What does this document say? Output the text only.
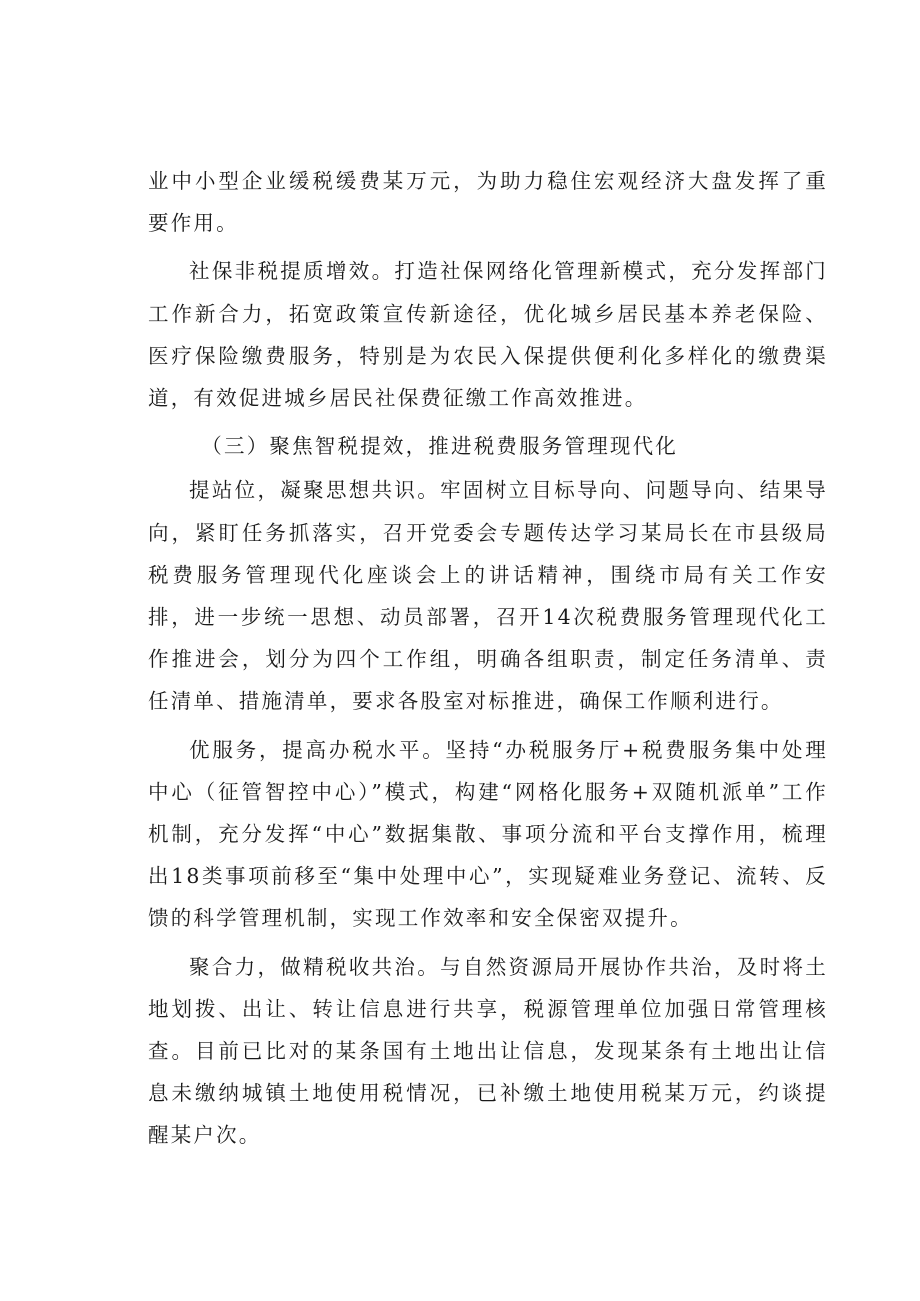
业中小型企业缓税缓费某万元，为助力稳住宏观经济大盘发挥了重要作用。

社保非税提质增效。打造社保网络化管理新模式，充分发挥部门工作新合力，拓宽政策宣传新途径，优化城乡居民基本养老保险、医疗保险缴费服务，特别是为农民入保提供便利化多样化的缴费渠道，有效促进城乡居民社保费征缴工作高效推进。

（三）聚焦智税提效，推进税费服务管理现代化

提站位，凝聚思想共识。牢固树立目标导向、问题导向、结果导向，紧盯任务抓落实，召开党委会专题传达学习某局长在市县级局税费服务管理现代化座谈会上的讲话精神，围绕市局有关工作安排，进一步统一思想、动员部署，召开14次税费服务管理现代化工作推进会，划分为四个工作组，明确各组职责，制定任务清单、责任清单、措施清单，要求各股室对标推进，确保工作顺利进行。

优服务，提高办税水平。坚持“办税服务厅+税费服务集中处理中心（征管智控中心）”模式，构建“网格化服务+双随机派单”工作机制，充分发挥“中心”数据集散、事项分流和平台支撑作用，梳理出18类事项前移至“集中处理中心”，实现疑难业务登记、流转、反馈的科学管理机制，实现工作效率和安全保密双提升。

聚合力，做精税收共治。与自然资源局开展协作共治，及时将土地划拨、出让、转让信息进行共享，税源管理单位加强日常管理核查。目前已比对的某条国有土地出让信息，发现某条有土地出让信息未缴纳城镇土地使用税情况，已补缴土地使用税某万元，约谈提醒某户次。
